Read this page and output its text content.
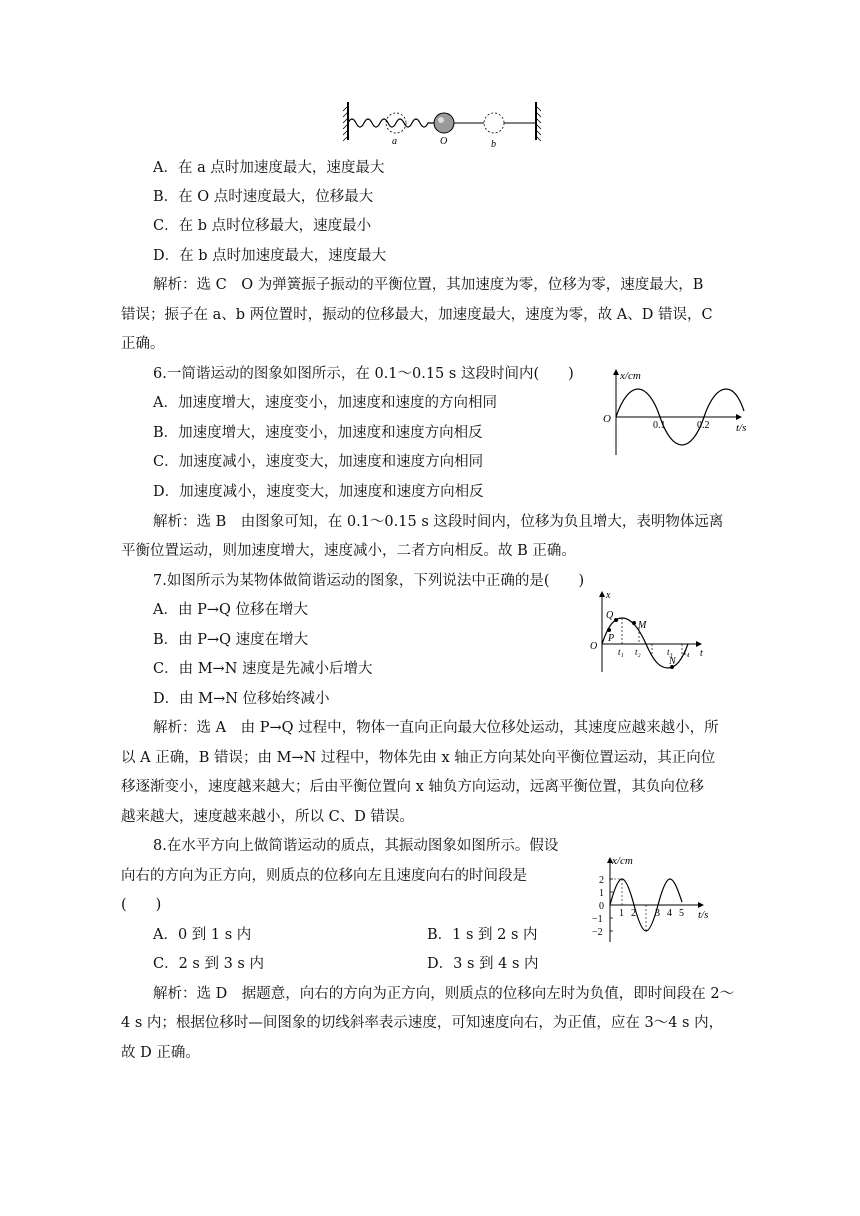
a	O	b
A．在 a 点时加速度最大，速度最大
B．在 O 点时速度最大，位移最大
C．在 b 点时位移最大，速度最小
D．在 b 点时加速度最大，速度最大
解析：选 C　O 为弹簧振子振动的平衡位置，其加速度为零，位移为零，速度最大，B
错误；振子在 a、b 两位置时，振动的位移最大，加速度最大，速度为零，故 A、D 错误，C
正确。
6.一简谐运动的图象如图所示，在 0.1～0.15 s 这段时间内(　　)
A．加速度增大，速度变小，加速度和速度的方向相同
B．加速度增大，速度变小，加速度和速度方向相反
C．加速度减小，速度变大，加速度和速度方向相同
D．加速度减小，速度变大，加速度和速度方向相反
x/cm
t/s
O
0.1	0.2
解析：选 B　由图象可知，在 0.1～0.15 s 这段时间内，位移为负且增大，表明物体远离
平衡位置运动，则加速度增大，速度减小，二者方向相反。故 B 正确。
7.如图所示为某物体做简谐运动的图象，下列说法中正确的是(　　)
A．由 P→Q 位移在增大
B．由 P→Q 速度在增大
C．由 M→N 速度是先减小后增大
D．由 M→N 位移始终减小
x
t
O
Q
M
P
N
t₁ t₂	t₃ t₄
解析：选 A　由 P→Q 过程中，物体一直向正向最大位移处运动，其速度应越来越小，所
以 A 正确，B 错误；由 M→N 过程中，物体先由 x 轴正方向某处向平衡位置运动，其正向位
移逐渐变小，速度越来越大；后由平衡位置向 x 轴负方向运动，远离平衡位置，其负向位移
越来越大，速度越来越小，所以 C、D 错误。
8.在水平方向上做简谐运动的质点，其振动图象如图所示。假设
向右的方向为正方向，则质点的位移向左且速度向右的时间段是
(　　)
A．0 到 1 s 内	B．1 s 到 2 s 内
C．2 s 到 3 s 内	D．3 s 到 4 s 内
x/cm
t/s
2
1
0
−1
−2
1 2 3 4 5
解析：选 D　据题意，向右的方向为正方向，则质点的位移向左时为负值，即时间段在 2～
4 s 内；根据位移时—间图象的切线斜率表示速度，可知速度向右，为正值，应在 3～4 s 内，
故 D 正确。
